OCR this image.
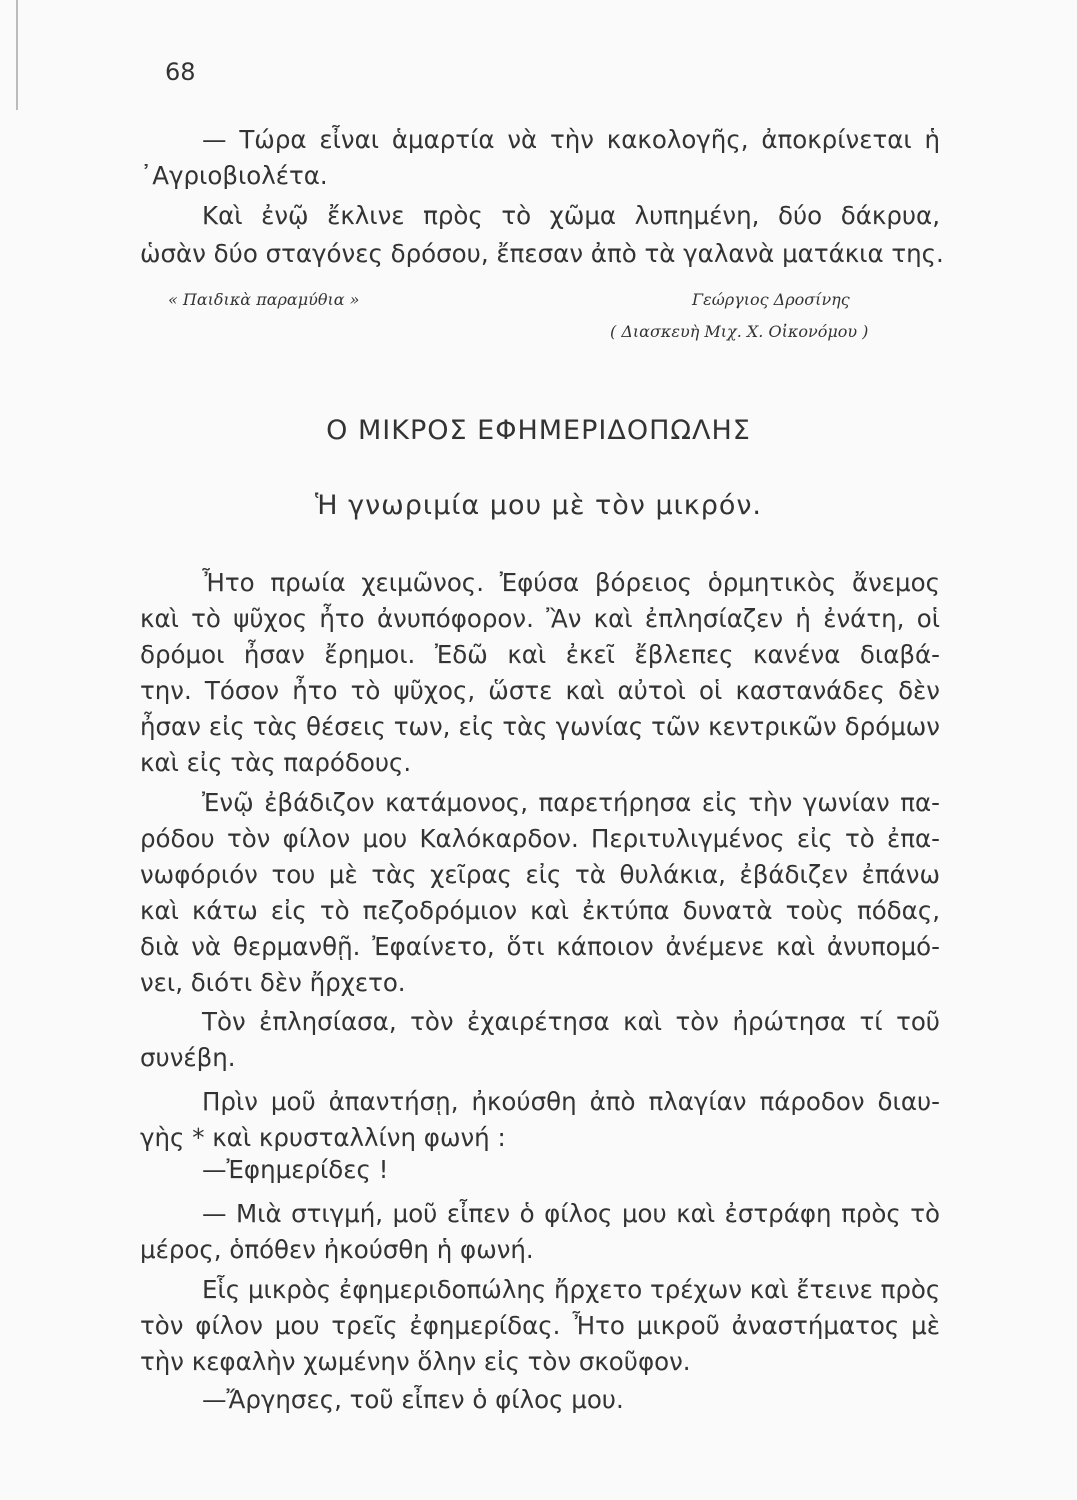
68
— Τώρα εἶναι ἁμαρτία νὰ τὴν κακολογῆς, ἀποκρίνεται ἡ
᾿Αγριοβιολέτα.
Καὶ ἐνῷ ἔκλινε πρὸς τὸ χῶμα λυπημένη, δύο δάκρυα,
ὡσὰν δύο σταγόνες δρόσου, ἔπεσαν ἀπὸ τὰ γαλανὰ ματάκια της.
« Παιδικὰ παραμύθια »	Γεώργιος Δροσίνης
( Διασκευὴ Μιχ. Χ. Οἰκονόμου )
Ο ΜΙΚΡΟΣ ΕΦΗΜΕΡΙΔΟΠΩΛΗΣ
Ἡ γνωριμία μου μὲ τὸν μικρόν.
Ἦτο πρωία χειμῶνος. Ἐφύσα βόρειος ὁρμητικὸς ἄνεμος
καὶ τὸ ψῦχος ἦτο ἀνυπόφορον. Ἂν καὶ ἐπλησίαζεν ἡ ἐνάτη, οἱ
δρόμοι ἦσαν ἔρημοι. Ἐδῶ καὶ ἐκεῖ ἔβλεπες κανένα διαβά-
την. Τόσον ἦτο τὸ ψῦχος, ὥστε καὶ αὐτοὶ οἱ καστανάδες δὲν
ἦσαν εἰς τὰς θέσεις των, εἰς τὰς γωνίας τῶν κεντρικῶν δρόμων
καὶ εἰς τὰς παρόδους.
Ἐνῷ ἐβάδιζον κατάμονος, παρετήρησα εἰς τὴν γωνίαν πα-
ρόδου τὸν φίλον μου Καλόκαρδον. Περιτυλιγμένος εἰς τὸ ἐπα-
νωφόριόν του μὲ τὰς χεῖρας εἰς τὰ θυλάκια, ἐβάδιζεν ἐπάνω
καὶ κάτω εἰς τὸ πεζοδρόμιον καὶ ἐκτύπα δυνατὰ τοὺς πόδας,
διὰ νὰ θερμανθῇ. Ἐφαίνετο, ὅτι κάποιον ἀνέμενε καὶ ἀνυπομό-
νει, διότι δὲν ἤρχετο.
Τὸν ἐπλησίασα, τὸν ἐχαιρέτησα καὶ τὸν ἠρώτησα τί τοῦ
συνέβη.
Πρὶν μοῦ ἀπαντήσῃ, ἠκούσθη ἀπὸ πλαγίαν πάροδον διαυ-
γὴς * καὶ κρυσταλλίνη φωνή :
—Ἐφημερίδες !
— Μιὰ στιγμή, μοῦ εἶπεν ὁ φίλος μου καὶ ἐστράφη πρὸς τὸ
μέρος, ὁπόθεν ἠκούσθη ἡ φωνή.
Εἷς μικρὸς ἐφημεριδοπώλης ἤρχετο τρέχων καὶ ἔτεινε πρὸς
τὸν φίλον μου τρεῖς ἐφημερίδας. Ἦτο μικροῦ ἀναστήματος μὲ
τὴν κεφαλὴν χωμένην ὅλην εἰς τὸν σκοῦφον.
—Ἄργησες, τοῦ εἶπεν ὁ φίλος μου.
